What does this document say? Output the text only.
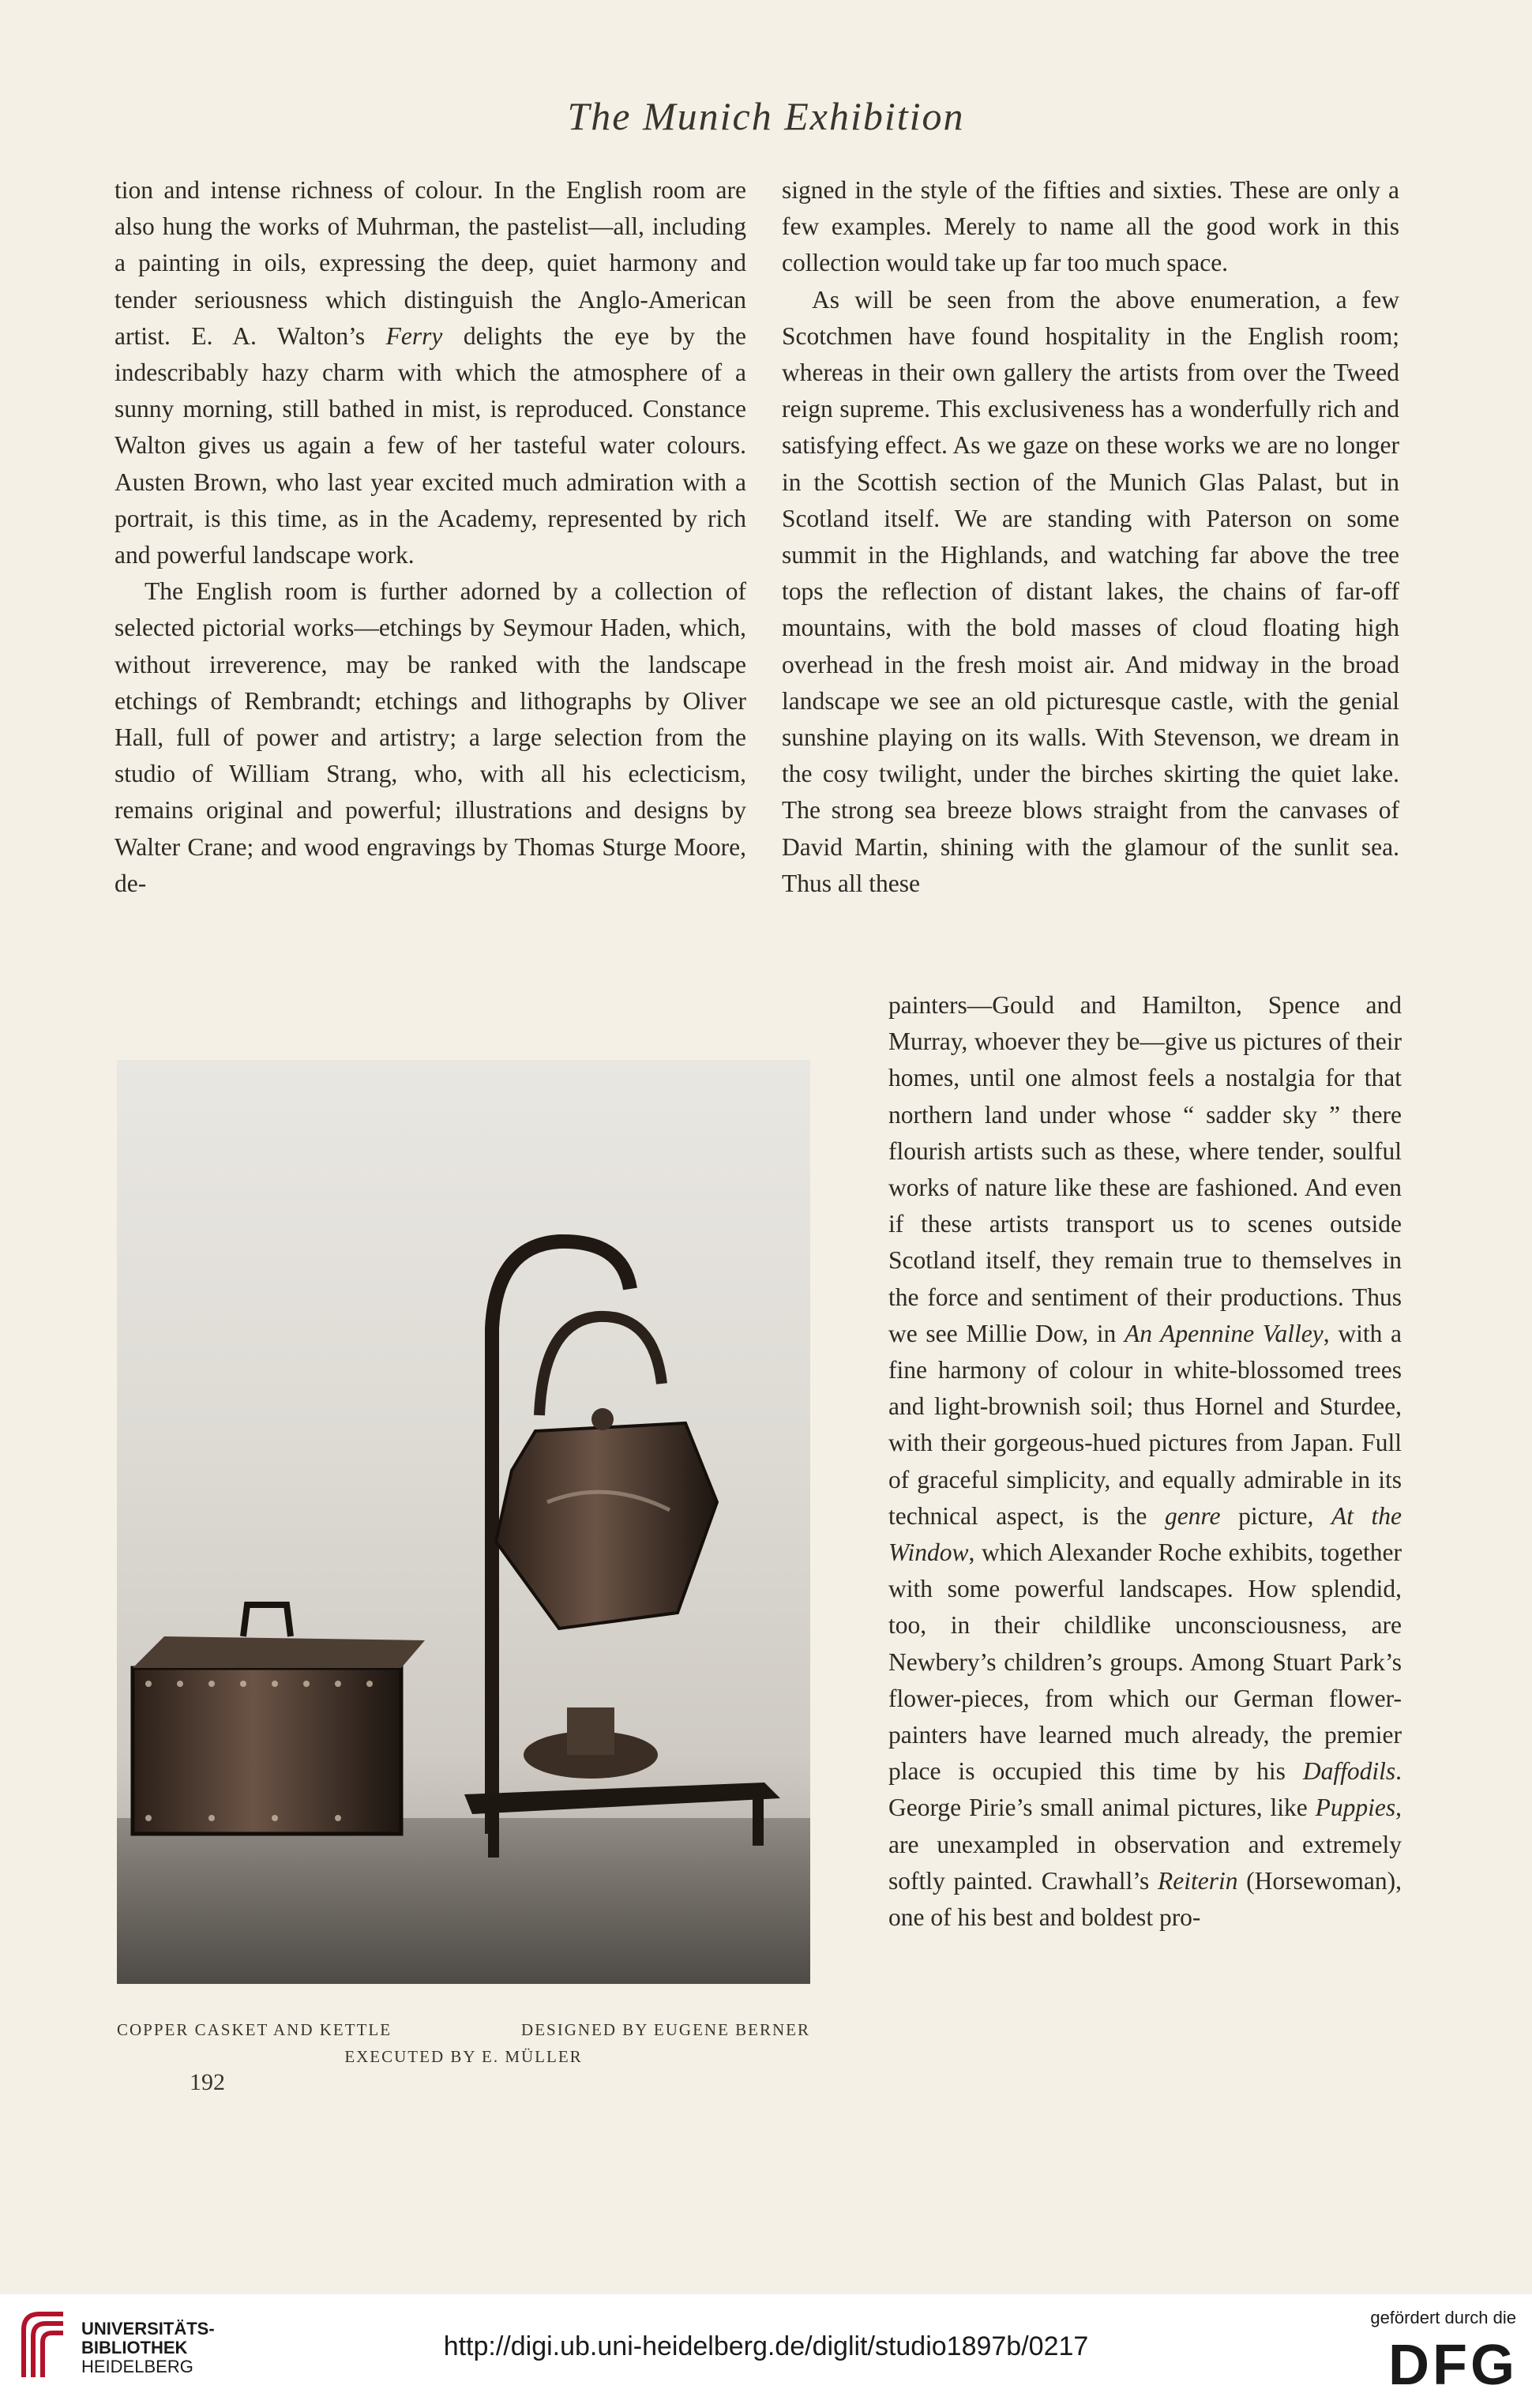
The Munich Exhibition

tion and intense richness of colour. In the English room are also hung the works of Muhrman, the pastelist—all, including a painting in oils, expressing the deep, quiet harmony and tender seriousness which distinguish the Anglo-American artist. E. A. Walton’s Ferry delights the eye by the indescribably hazy charm with which the atmosphere of a sunny morning, still bathed in mist, is reproduced. Constance Walton gives us again a few of her tasteful water colours. Austen Brown, who last year excited much admiration with a portrait, is this time, as in the Academy, represented by rich and powerful landscape work.

The English room is further adorned by a collection of selected pictorial works—etchings by Seymour Haden, which, without irreverence, may be ranked with the landscape etchings of Rembrandt; etchings and lithographs by Oliver Hall, full of power and artistry; a large selection from the studio of William Strang, who, with all his eclecticism, remains original and powerful; illustrations and designs by Walter Crane; and wood engravings by Thomas Sturge Moore, de-

signed in the style of the fifties and sixties. These are only a few examples. Merely to name all the good work in this collection would take up far too much space.

As will be seen from the above enumeration, a few Scotchmen have found hospitality in the English room; whereas in their own gallery the artists from over the Tweed reign supreme. This exclusiveness has a wonderfully rich and satisfying effect. As we gaze on these works we are no longer in the Scottish section of the Munich Glas Palast, but in Scotland itself. We are standing with Paterson on some summit in the Highlands, and watching far above the tree tops the reflection of distant lakes, the chains of far-off mountains, with the bold masses of cloud floating high overhead in the fresh moist air. And midway in the broad landscape we see an old picturesque castle, with the genial sunshine playing on its walls. With Stevenson, we dream in the cosy twilight, under the birches skirting the quiet lake. The strong sea breeze blows straight from the canvases of David Martin, shining with the glamour of the sunlit sea. Thus all these

painters—Gould and Hamilton, Spence and Murray, whoever they be—give us pictures of their homes, until one almost feels a nostalgia for that northern land under whose “ sadder sky ” there flourish artists such as these, where tender, soulful works of nature like these are fashioned. And even if these artists transport us to scenes outside Scotland itself, they remain true to themselves in the force and sentiment of their productions. Thus we see Millie Dow, in An Apennine Valley, with a fine harmony of colour in white-blossomed trees and light-brownish soil; thus Hornel and Sturdee, with their gorgeous-hued pictures from Japan. Full of graceful simplicity, and equally admirable in its technical aspect, is the genre picture, At the Window, which Alexander Roche exhibits, together with some powerful landscapes. How splendid, too, in their childlike unconsciousness, are Newbery’s children’s groups. Among Stuart Park’s flower-pieces, from which our German flower-painters have learned much already, the premier place is occupied this time by his Daffodils. George Pirie’s small animal pictures, like Puppies, are unexampled in observation and extremely softly painted. Crawhall’s Reiterin (Horsewoman), one of his best and boldest pro-

COPPER CASKET AND KETTLE	DESIGNED BY EUGENE BERNER
EXECUTED BY E. MÜLLER
192
UNIVERSITÄTS-
BIBLIOTHEK
HEIDELBERG
http://digi.ub.uni-heidelberg.de/diglit/studio1897b/0217
gefördert durch die
DFG
